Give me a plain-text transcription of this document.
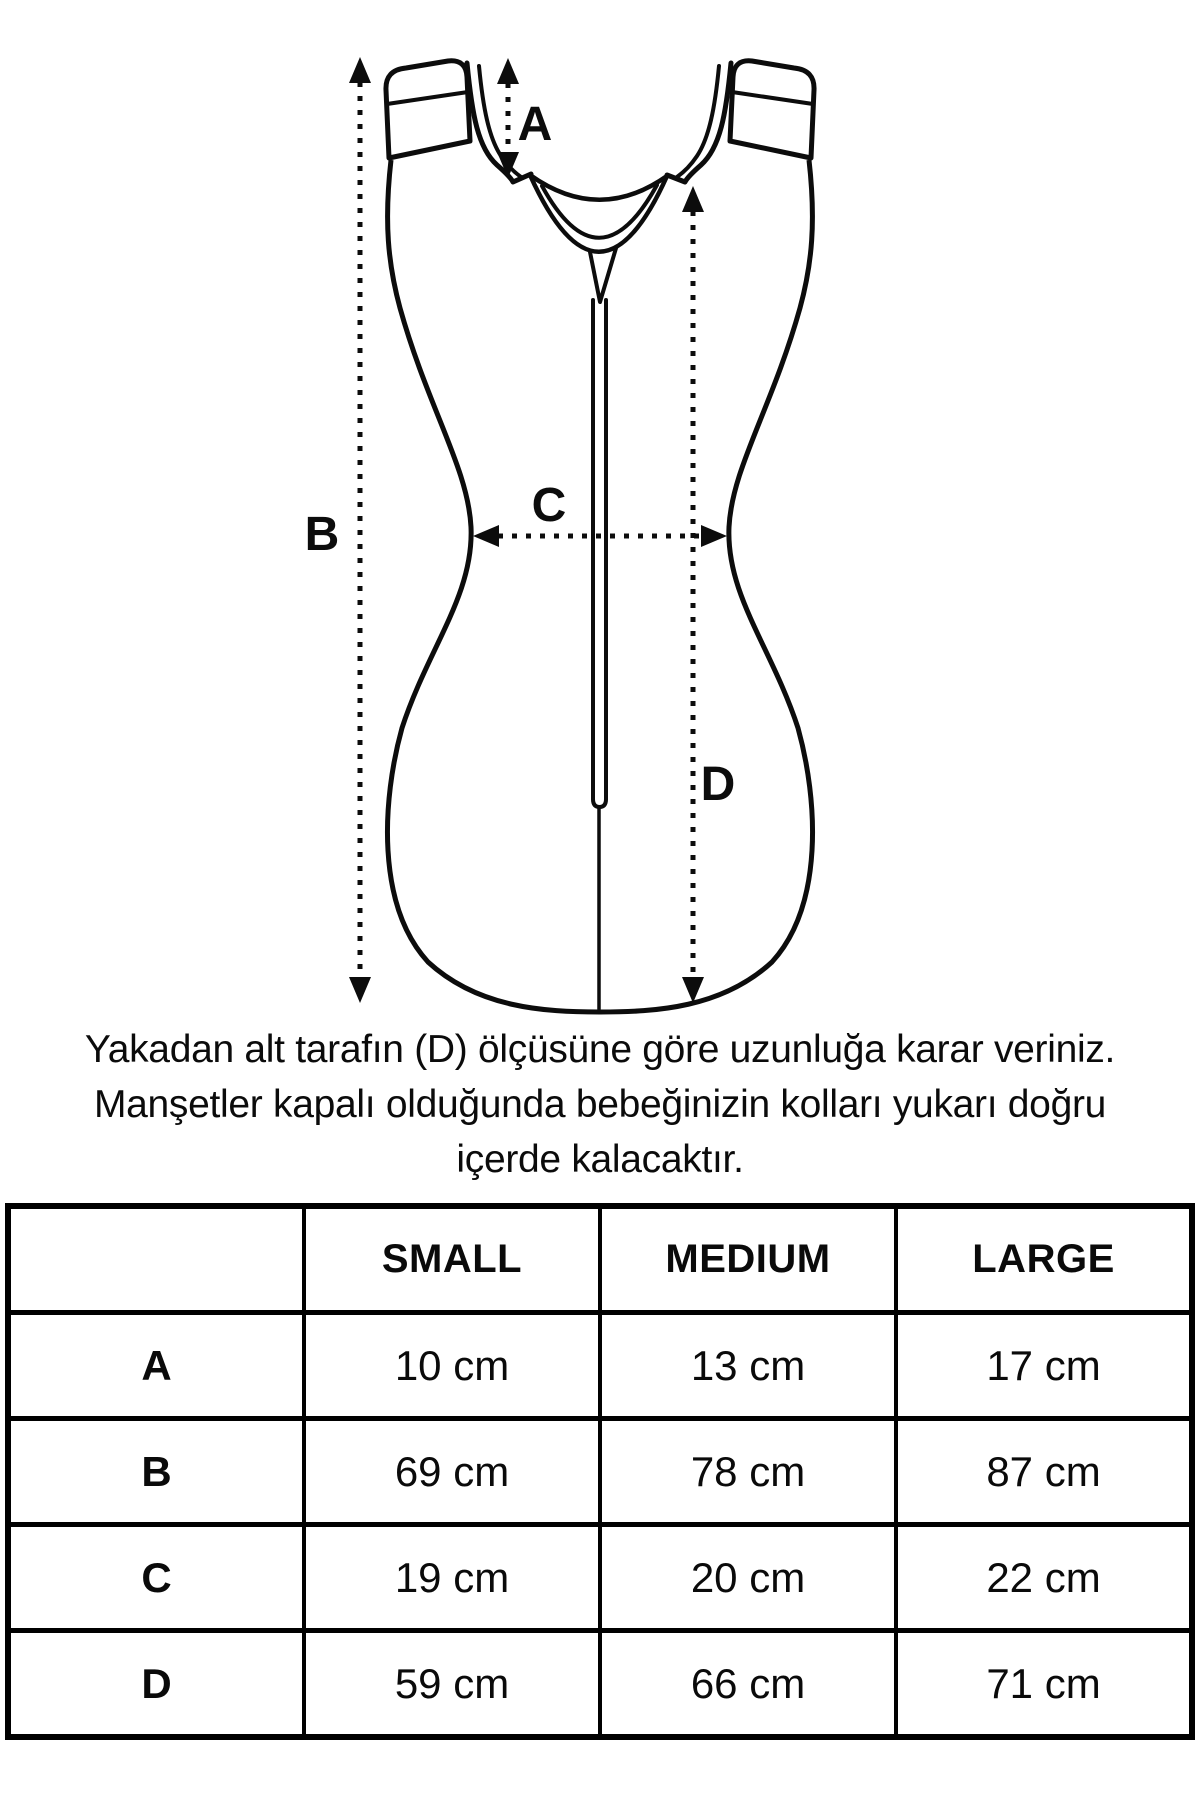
A
B
C
D
Yakadan alt tarafın (D) ölçüsüne göre uzunluğa karar veriniz.
Manşetler kapalı olduğunda bebeğinizin kolları yukarı doğru
içerde kalacaktır.
	SMALL	MEDIUM	LARGE
A	10 cm	13 cm	17 cm
B	69 cm	78 cm	87 cm
C	19 cm	20 cm	22 cm
D	59 cm	66 cm	71 cm
